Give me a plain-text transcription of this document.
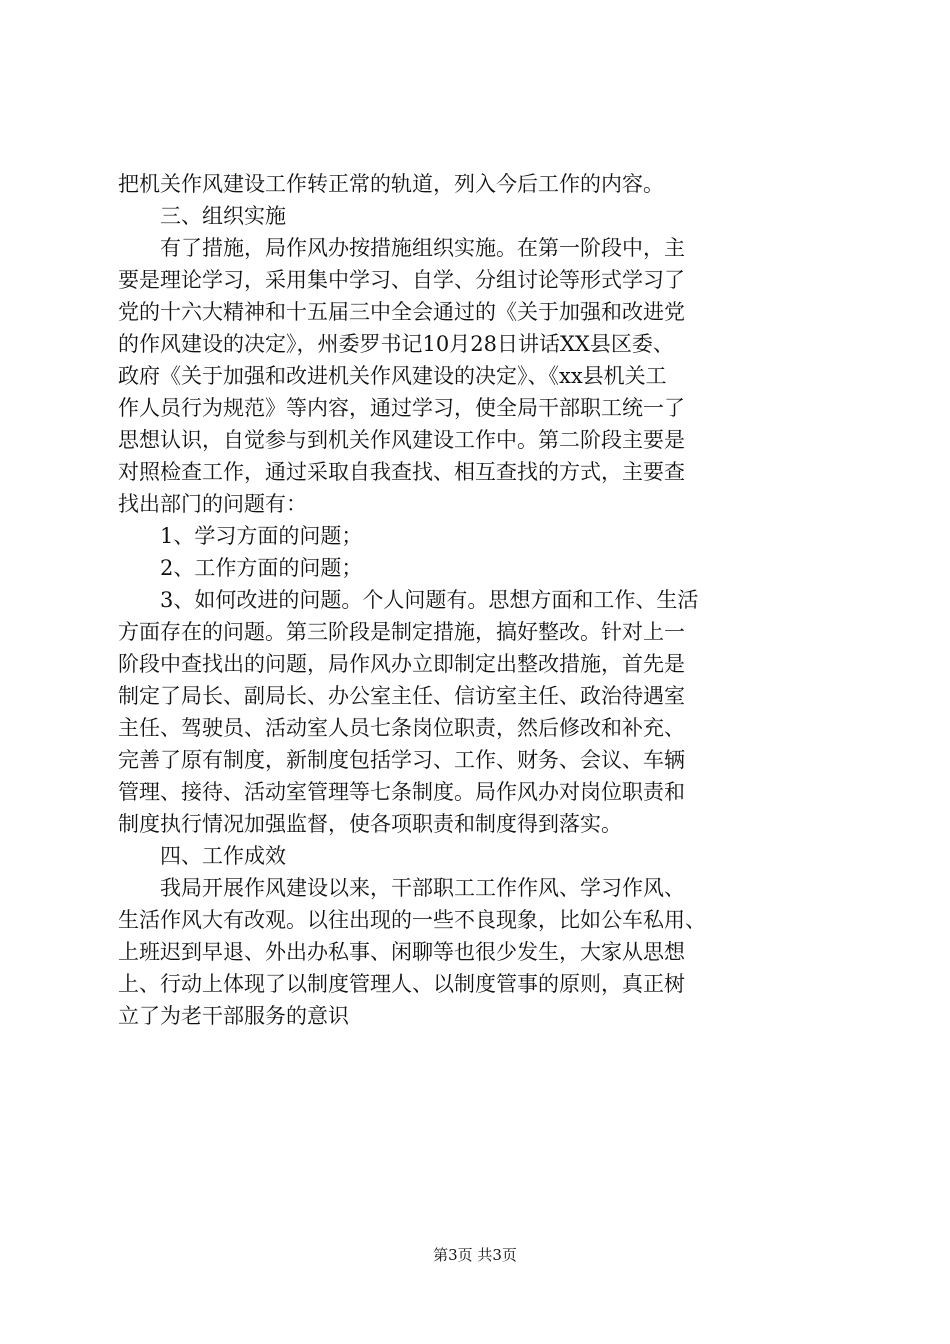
把机关作风建设工作转正常的轨道，列入今后工作的内容。

三、组织实施

有了措施，局作风办按措施组织实施。在第一阶段中，主

要是理论学习，采用集中学习、自学、分组讨论等形式学习了

党的十六大精神和十五届三中全会通过的《关于加强和改进党

的作风建设的决定》，州委罗书记10月28日讲话XX县区委、

政府《关于加强和改进机关作风建设的决定》、《xx县机关工

作人员行为规范》等内容，通过学习，使全局干部职工统一了

思想认识，自觉参与到机关作风建设工作中。第二阶段主要是

对照检查工作，通过采取自我查找、相互查找的方式，主要查

找出部门的问题有：

1、学习方面的问题；

2、工作方面的问题；

3、如何改进的问题。个人问题有。思想方面和工作、生活

方面存在的问题。第三阶段是制定措施，搞好整改。针对上一

阶段中查找出的问题，局作风办立即制定出整改措施，首先是

制定了局长、副局长、办公室主任、信访室主任、政治待遇室

主任、驾驶员、活动室人员七条岗位职责，然后修改和补充、

完善了原有制度，新制度包括学习、工作、财务、会议、车辆

管理、接待、活动室管理等七条制度。局作风办对岗位职责和

制度执行情况加强监督，使各项职责和制度得到落实。

四、工作成效

我局开展作风建设以来，干部职工工作作风、学习作风、

生活作风大有改观。以往出现的一些不良现象，比如公车私用、

上班迟到早退、外出办私事、闲聊等也很少发生，大家从思想

上、行动上体现了以制度管理人、以制度管事的原则，真正树

立了为老干部服务的意识

第3页 共3页
